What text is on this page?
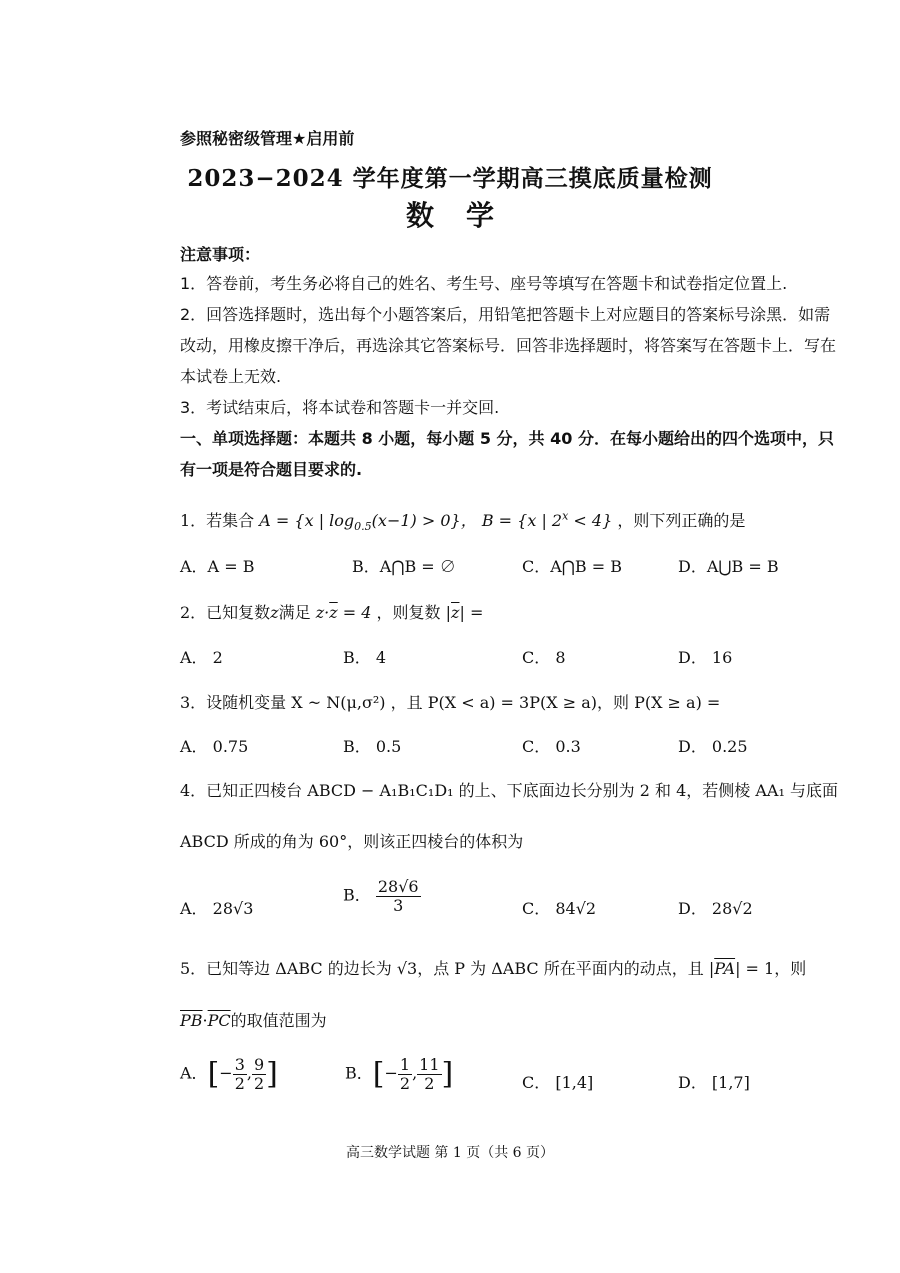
参照秘密级管理★启用前
2023−2024 学年度第一学期高三摸底质量检测
数 学
注意事项：
1．答卷前，考生务必将自己的姓名、考生号、座号等填写在答题卡和试卷指定位置上.
2．回答选择题时，选出每个小题答案后，用铅笔把答题卡上对应题目的答案标号涂黑．如需改动，用橡皮擦干净后，再选涂其它答案标号．回答非选择题时，将答案写在答题卡上．写在本试卷上无效.
3．考试结束后，将本试卷和答题卡一并交回.
一、单项选择题：本题共 8 小题，每小题 5 分，共 40 分．在每小题给出的四个选项中，只有一项是符合题目要求的.
1．若集合 A = {x | $\log_{0.5}(x-1) > 0$}， B = {x | $2^x < 4$} ，则下列正确的是
A．A = B	B．A⋂B = ∅	C．A⋂B = B	D．A⋃B = B
2．已知复数z满足 $z\cdot\overline{z} = 4$ ，则复数 $|\overline{z}|$ =
A． 2	B． 4	C． 8	D． 16
3．设随机变量 X ~ N(μ,σ²) ，且 P(X < a) = 3P(X ≥ a)，则 P(X ≥ a) =
A． 0.75	B． 0.5	C． 0.3	D． 0.25
4．已知正四棱台 ABCD − A₁B₁C₁D₁ 的上、下底面边长分别为 2 和 4，若侧棱 AA₁ 与底面
ABCD 所成的角为 60°，则该正四棱台的体积为
A． 28√3
B． $\frac{28√6}{3}$	C． 84√2	D． 28√2
5．已知等边 ΔABC 的边长为 √3，点 P 为 ΔABC 所在平面内的动点，且 $|\overline{PA}| = 1$，则
$\overline{PB}\cdot\overline{PC}$的取值范围为
A．[− $\frac{3}{2}$ , $\frac{9}{2}$ ]	B．[− $\frac{1}{2}$ , $\frac{11}{2}$ ]	C． [1,4]	D． [1,7]
高三数学试题 第 1 页（共 6 页）
